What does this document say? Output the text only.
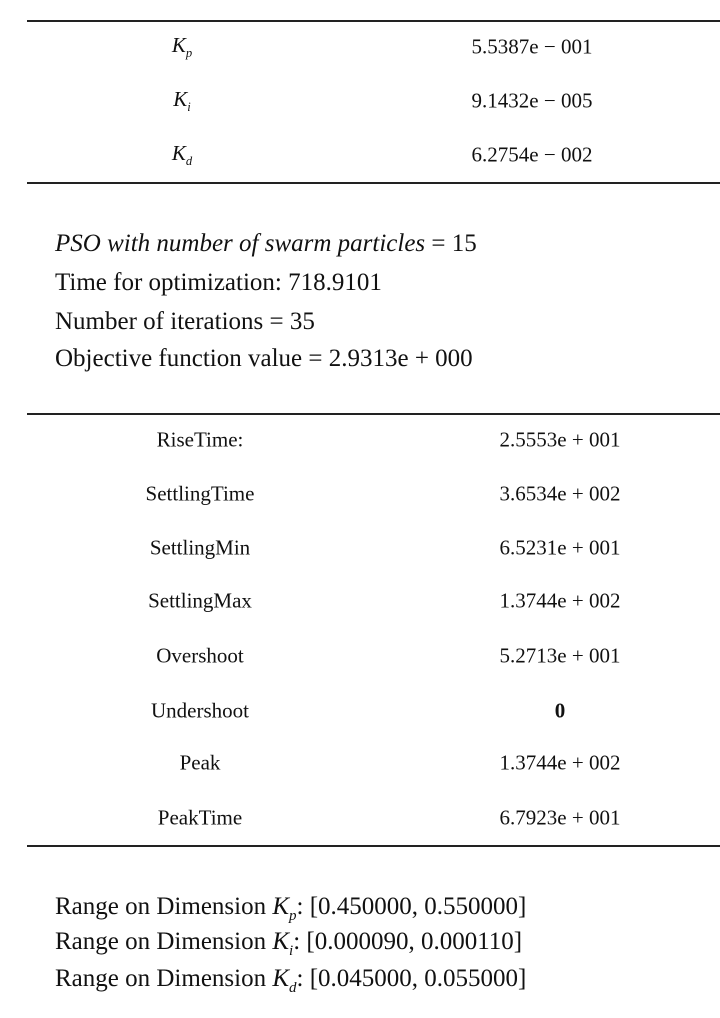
PSO with number of swarm particles = 15
Time for optimization: 718.9101
Number of iterations = 35
Objective function value = 2.9313e + 000
$K_p$	5.5387e − 001
$K_i$	9.1432e − 005
$K_d$	6.2754e − 002
RiseTime:	2.5553e + 001
SettlingTime	3.6534e + 002
SettlingMin	6.5231e + 001
SettlingMax	1.3744e + 002
Overshoot	5.2713e + 001
Undershoot	0
Peak	1.3744e + 002
PeakTime	6.7923e + 001
Range on Dimension $K_p$: [0.450000, 0.550000]
Range on Dimension $K_i$: [0.000090, 0.000110]
Range on Dimension $K_d$: [0.045000, 0.055000]
